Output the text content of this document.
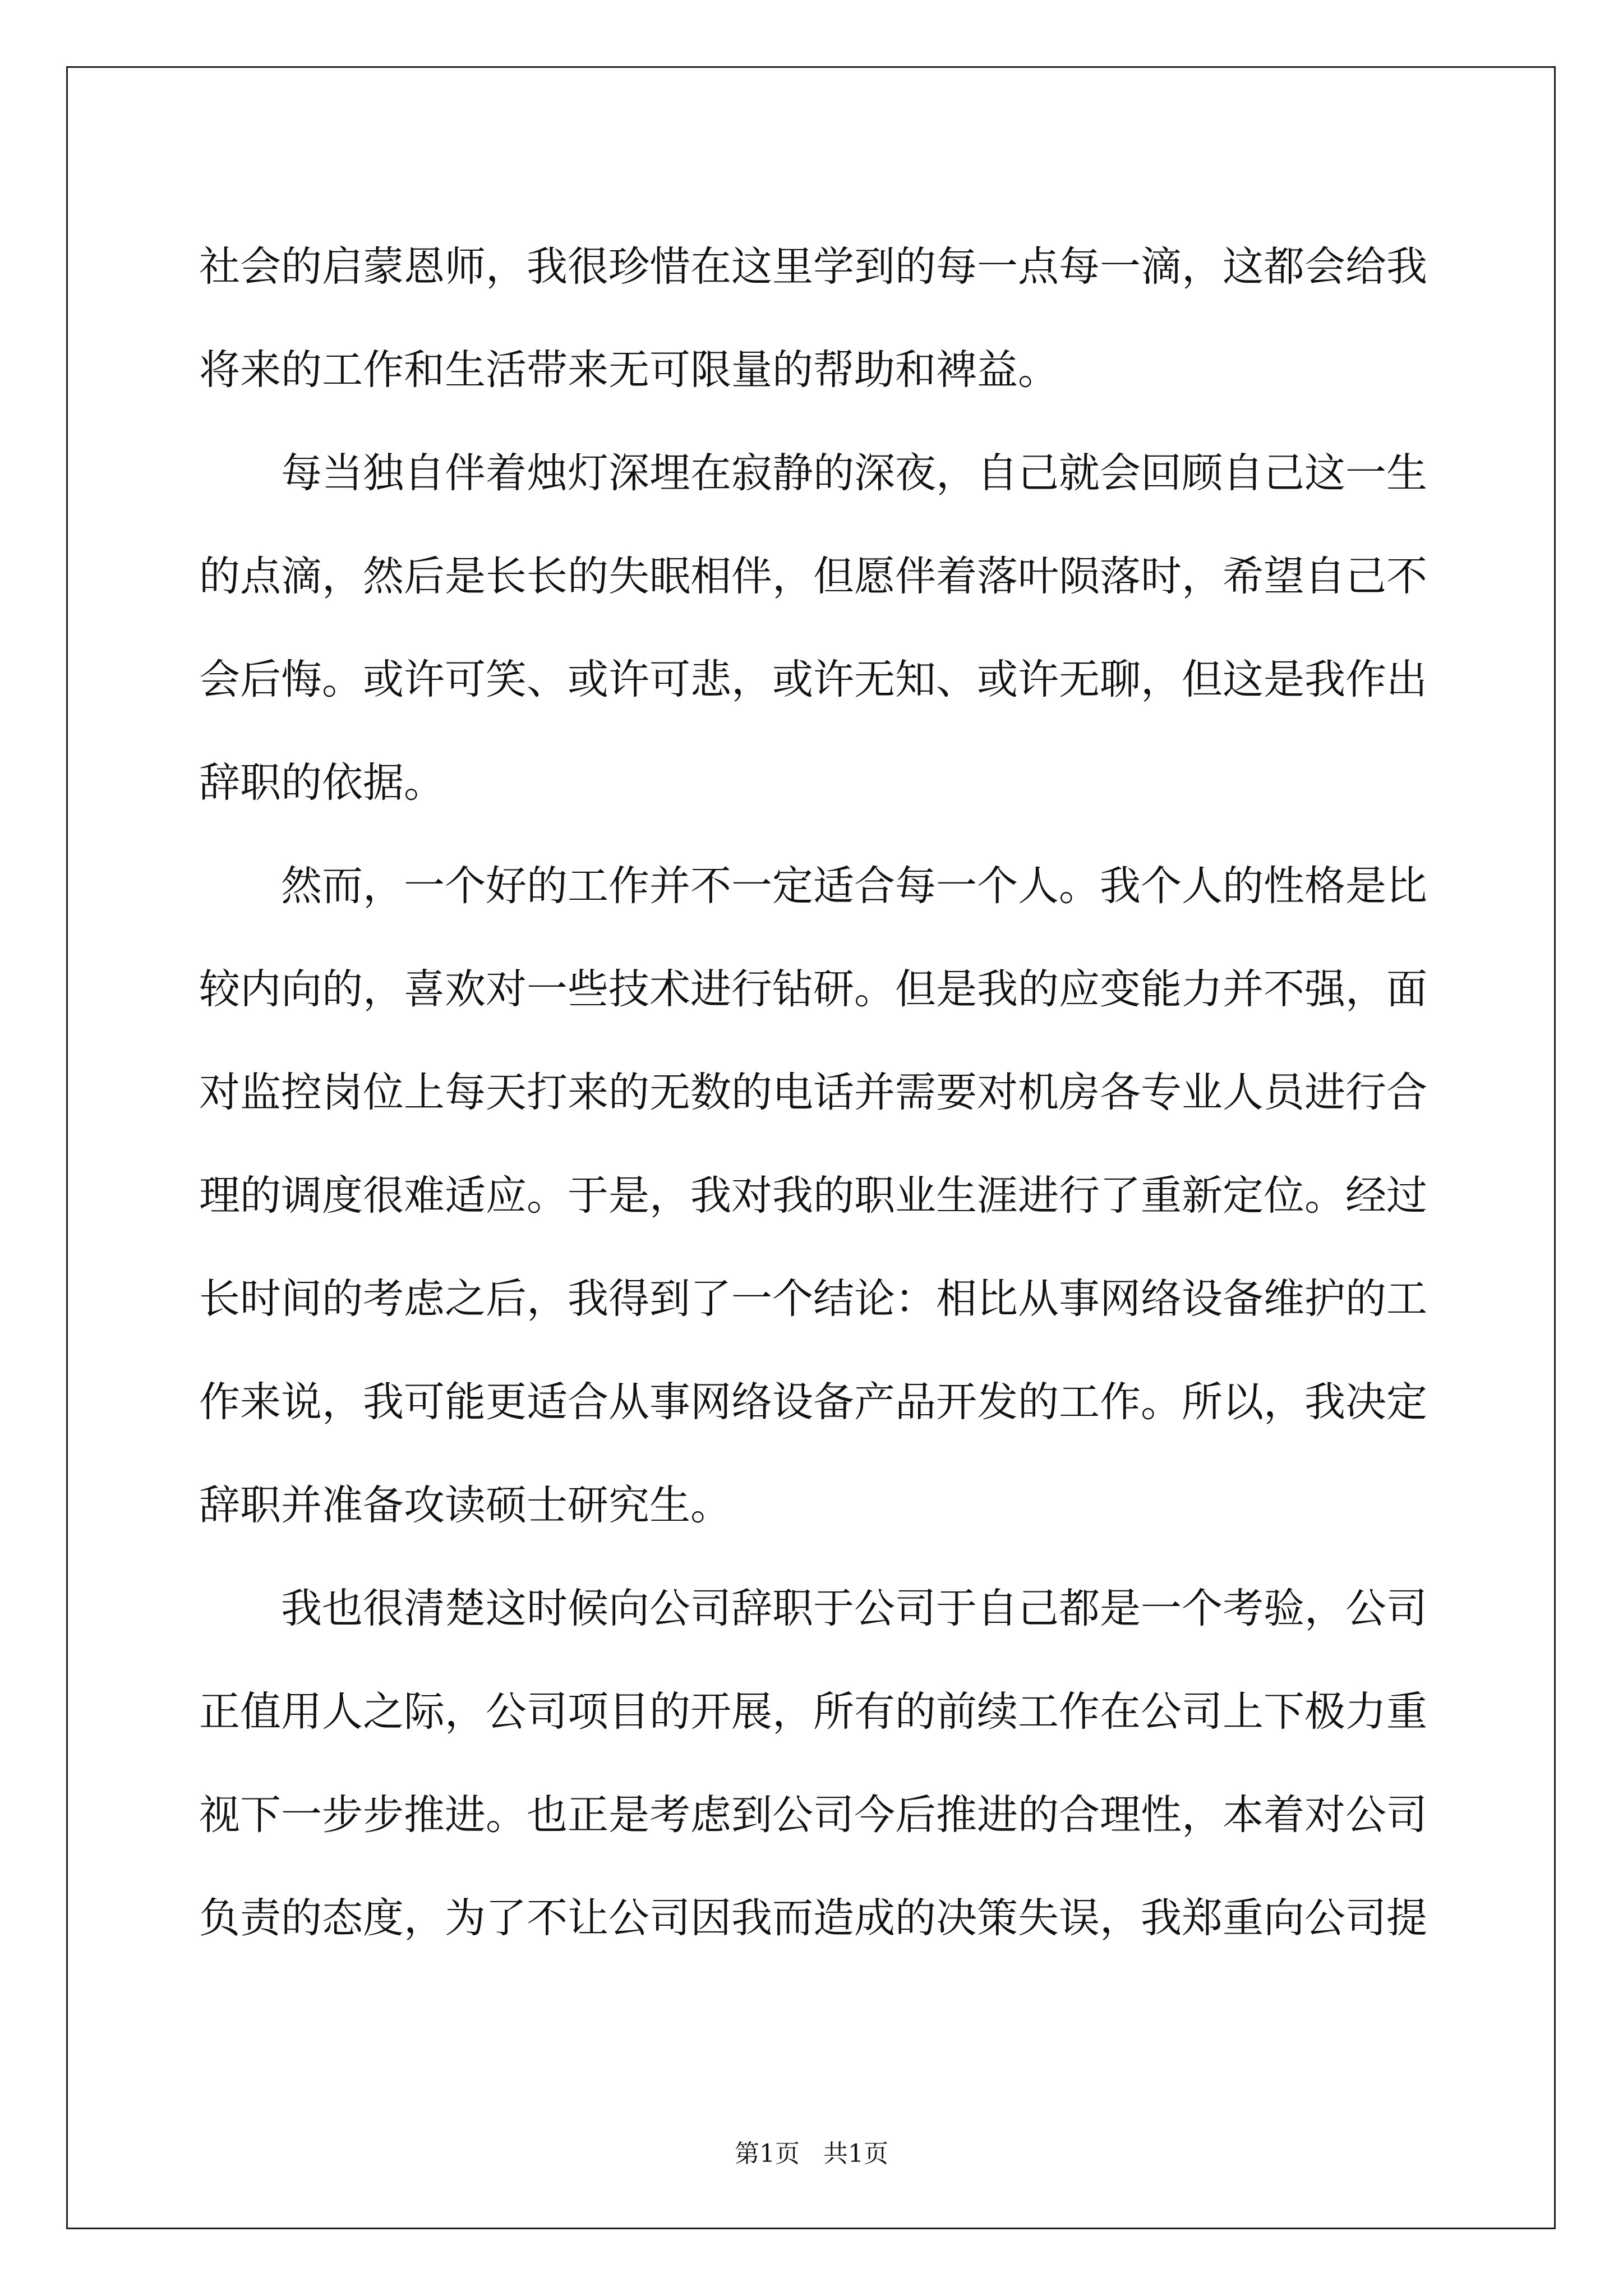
社会的启蒙恩师，我很珍惜在这里学到的每一点每一滴，这都会给我将来的工作和生活带来无可限量的帮助和裨益。

每当独自伴着烛灯深埋在寂静的深夜，自己就会回顾自己这一生的点滴，然后是长长的失眠相伴，但愿伴着落叶陨落时，希望自己不会后悔。或许可笑、或许可悲，或许无知、或许无聊，但这是我作出辞职的依据。

然而，一个好的工作并不一定适合每一个人。我个人的性格是比较内向的，喜欢对一些技术进行钻研。但是我的应变能力并不强，面对监控岗位上每天打来的无数的电话并需要对机房各专业人员进行合理的调度很难适应。于是，我对我的职业生涯进行了重新定位。经过长时间的考虑之后，我得到了一个结论：相比从事网络设备维护的工作来说，我可能更适合从事网络设备产品开发的工作。所以，我决定辞职并准备攻读硕士研究生。

我也很清楚这时候向公司辞职于公司于自己都是一个考验，公司正值用人之际，公司项目的开展，所有的前续工作在公司上下极力重视下一步步推进。也正是考虑到公司今后推进的合理性，本着对公司负责的态度，为了不让公司因我而造成的决策失误，我郑重向公司提

第1页   共1页
